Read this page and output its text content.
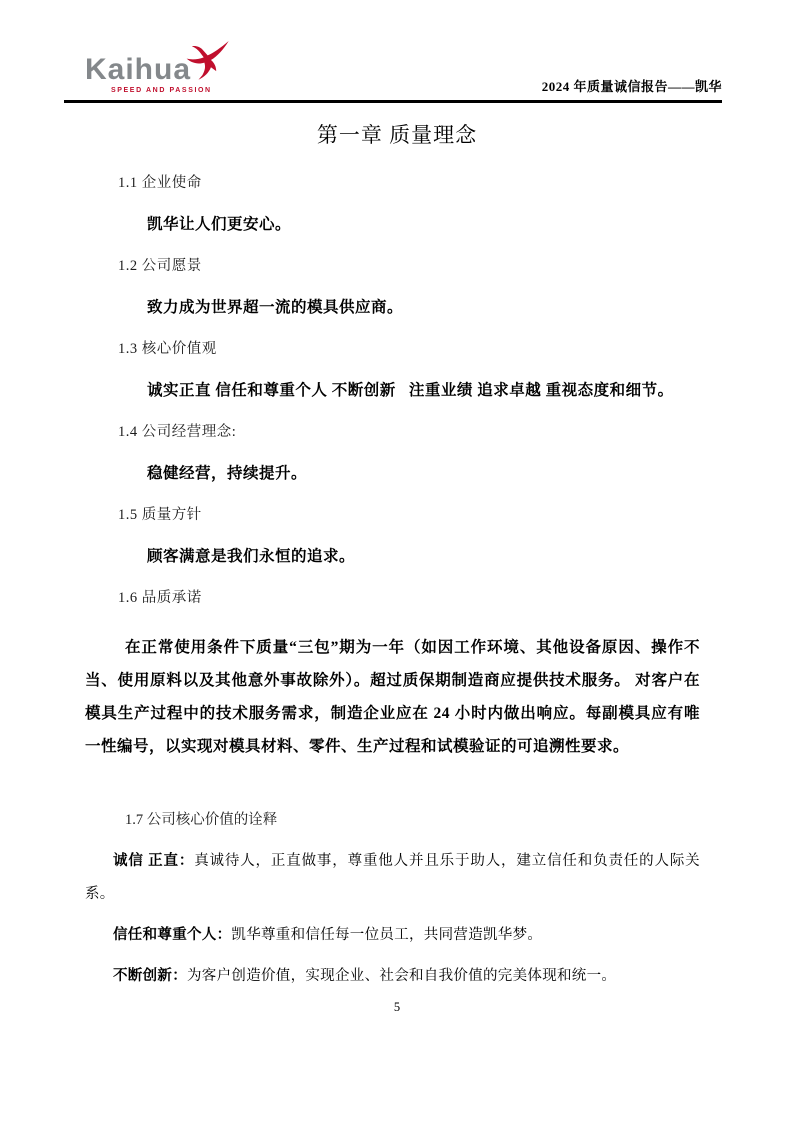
Kaihua
SPEED AND PASSION	2024 年质量诚信报告——凯华
第一章 质量理念

1.1 企业使命

凯华让人们更安心。

1.2 公司愿景

致力成为世界超一流的模具供应商。

1.3 核心价值观

诚实正直 信任和尊重个人 不断创新   注重业绩 追求卓越 重视态度和细节。

1.4 公司经营理念:

稳健经营，持续提升。

1.5 质量方针

顾客满意是我们永恒的追求。

1.6 品质承诺

在正常使用条件下质量“三包”期为一年（如因工作环境、其他设备原因、操作不当、使用原料以及其他意外事故除外）。超过质保期制造商应提供技术服务。 对客户在模具生产过程中的技术服务需求，制造企业应在 24 小时内做出响应。每副模具应有唯一性编号，以实现对模具材料、零件、生产过程和试模验证的可追溯性要求。

1.7 公司核心价值的诠释

诚信 正直：真诚待人，正直做事，尊重他人并且乐于助人，建立信任和负责任的人际关系。

信任和尊重个人：凯华尊重和信任每一位员工，共同营造凯华梦。

不断创新：为客户创造价值，实现企业、社会和自我价值的完美体现和统一。

5
